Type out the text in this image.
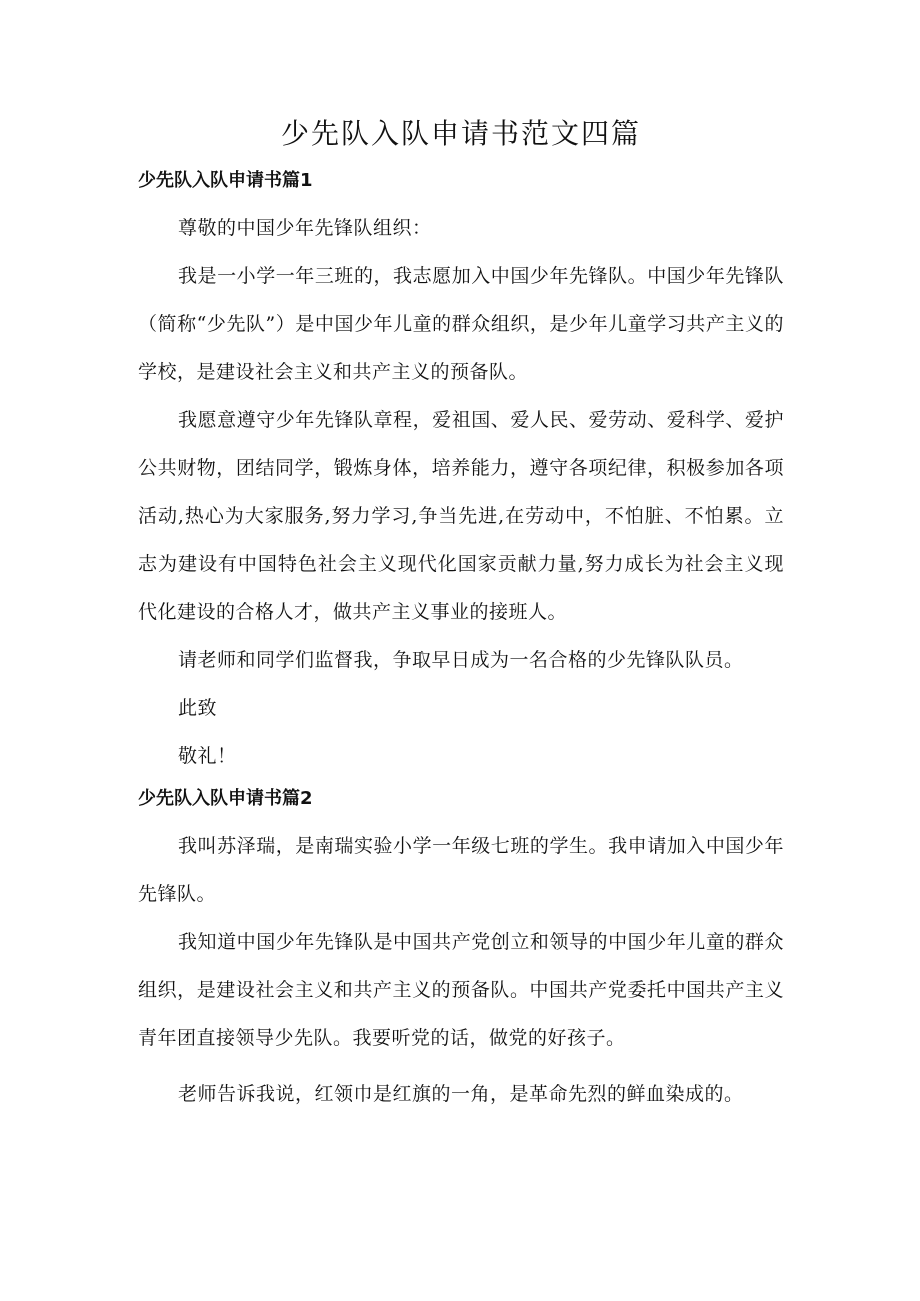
少先队入队申请书范文四篇
少先队入队申请书篇1

尊敬的中国少年先锋队组织：

我是一小学一年三班的，我志愿加入中国少年先锋队。中国少年先锋队（简称“少先队”）是中国少年儿童的群众组织，是少年儿童学习共产主义的学校，是建设社会主义和共产主义的预备队。

我愿意遵守少年先锋队章程，爱祖国、爱人民、爱劳动、爱科学、爱护公共财物，团结同学，锻炼身体，培养能力，遵守各项纪律，积极参加各项活动,热心为大家服务,努力学习,争当先进,在劳动中，不怕脏、不怕累。立志为建设有中国特色社会主义现代化国家贡献力量,努力成长为社会主义现代化建设的合格人才，做共产主义事业的接班人。

请老师和同学们监督我，争取早日成为一名合格的少先锋队队员。

此致

敬礼！

少先队入队申请书篇2

我叫苏泽瑞，是南瑞实验小学一年级七班的学生。我申请加入中国少年先锋队。

我知道中国少年先锋队是中国共产党创立和领导的中国少年儿童的群众组织，是建设社会主义和共产主义的预备队。中国共产党委托中国共产主义青年团直接领导少先队。我要听党的话，做党的好孩子。

老师告诉我说，红领巾是红旗的一角，是革命先烈的鲜血染成的。
